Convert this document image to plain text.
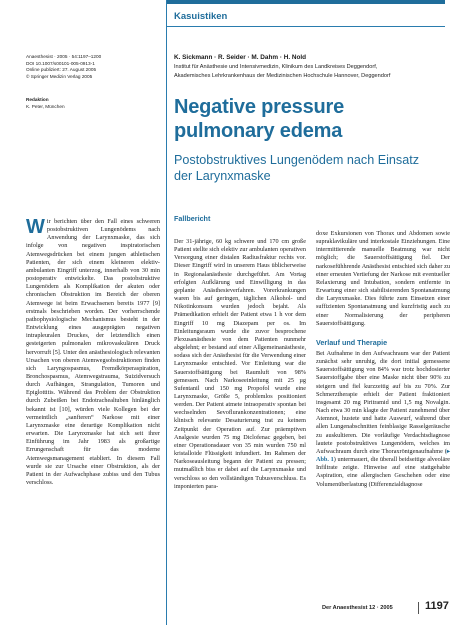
Kasuistiken
Anaesthesist · 2005 · 54:1197–1200
DOI 10.1007/s00101-005-0913-1
Online publiziert: 27. August 2005
© Springer Medizin Verlag 2005
Redaktion
K. Peter, München
K. Sickmann · R. Seider · M. Dahm · H. Nold
Institut für Anästhesie und Intensivmedizin, Klinikum des Landkreises Deggendorf,
Akademisches Lehrkrankenhaus der Medizinischen Hochschule Hannover, Deggendorf
Negative pressure
pulmonary edema
Postobstruktives Lungenödem nach Einsatz
der Larynxmaske
Wir berichten über den Fall eines schweren postobstruktiven Lungenödems nach Anwendung der Larynxmaske, das sich infolge von negativen inspiratorischen Atemwegsdrücken bei einem jungen athletischen Patienten, der sich einem kleineren elektiv-ambulanten Eingriff unterzog, innerhalb von 30 min postoperativ entwickelte. Das postobstruktive Lungenödem als Komplikation der akuten oder chronischen Obstruktion im Bereich der oberen Atemwege ist beim Erwachsenen bereits 1977 [9] erstmals beschrieben worden. Der vorherrschende pathophysiologische Mechanismus besteht in der Entwicklung eines ausgeprägten negativen intrapleuralen Druckes, der letztendlich einen gesteigerten pulmonalen mikrovaskulären Druck hervorruft [5]. Unter den anästhesiologisch relevanten Ursachen von oberen Atemwegsobstruktionen finden sich Laryngospasmus, Fremdkörperaspiration, Bronchospasmus, Atemwegstrauma, Suizidversuch durch Aufhängen, Strangulation, Tumoren und Epiglottitis. Während das Problem der Obstruktion durch Zubeißen bei Endotrachealtuben hinlänglich bekannt ist [10], würden viele Kollegen bei der vermeintlich „sanfteren“ Narkose mit einer Larynxmaske eine derartige Komplikation nicht erwarten. Die Larynxmaske hat sich seit ihrer Einführung im Jahr 1983 als großartige Errungenschaft für das moderne Atemwegsmanagement etabliert. In diesem Fall wurde sie zur Ursache einer Obstruktion, als der Patient in der Aufwachphase zubiss und den Tubus verschloss.
Fallbericht
Der 31-jährige, 60 kg schwere und 170 cm große Patient stellte sich elektiv zur ambulanten operativen Versorgung einer distalen Radiusfraktur rechts vor. Dieser Eingriff wird in unserem Haus üblicherweise in Regionalanästhesie durchgeführt. Am Vortag erfolgten Aufklärung und Einwilligung in das geplante Anästhesieverfahren. Vorerkrankungen waren bis auf geringen, täglichen Alkohol- und Nikotinkonsum wurden jedoch bejaht. Als Prämedikation erhielt der Patient etwa 1 h vor dem Eingriff 10 mg Diazepam per os. Im Einleitungsraum wurde die zuvor besprochene Plexusanästhesie von dem Patienten nunmehr abgelehnt; er bestand auf einer Allgemeinanästhesie, sodass sich der Anästhesist für die Verwendung einer Larynxmaske entschied. Vor Einleitung war die Sauerstoffsättigung bei Raumluft von 98% gemessen. Nach Narkoseeinleitung mit 25 µg Sufentanil und 150 mg Propofol wurde eine Larynxmaske, Größe 5, problemlos positioniert werden. Der Patient atmete intraoperativ spontan bei wechselnden Sevoflurankonzentrationen; eine klinisch relevante Desaturierung trat zu keinem Zeitpunkt der Operation auf. Zur präemptiven Analgesie wurden 75 mg Diclofenac gegeben, bei einer Operationsdauer von 35 min wurden 750 ml kristalloide Flüssigkeit infundiert. Im Rahmen der Narkoseausleitung begann der Patient zu pressen; mutmaßlich biss er dabei auf die Larynxmaske und verschloss so den vollständigen Tubusverschluss. Es imponierten para-
doxe Exkursionen von Thorax und Abdomen sowie supraklavikuläre und interkostale Einziehungen. Eine intermittierende manuelle Beatmung war nicht möglich; die Sauerstoffsättigung fiel. Der narkosefühhrende Anästhesist entschied sich daher zu einer erneuten Vertiefung der Narkose mit eventueller Relaxierung und Intubation, sondern entfernte in Erwartung einer sich stabilisierenden Spontanatmung die Larynxmaske. Dies führte zum Einsetzen einer suffizienten Spontanatmung und kurzfristig auch zu einer Normalisierung der peripheren Sauerstoffsättigung.
Verlauf und Therapie
Bei Aufnahme in den Aufwachraum war der Patient zunächst sehr unruhig, die dort initial gemessene Sauerstoffsättigung von 84% war trotz hochdosierter Sauerstoffgabe über eine Maske nicht über 90% zu steigern und fiel kurzzeitig auf bis zu 70%. Zur Schmerztherapie erhielt der Patient fraktioniert insgesamt 20 mg Piritramid und 1,5 mg Novalgin. Nach etwa 30 min klagte der Patient zunehmend über Atemnot, hustete und hatte Auswurf, während über allen Lungenabschnitten feinblasige Rasselgeräusche zu auskultieren. Die vorläufige Verdachtsdiagnose lautete postobstruktives Lungenödem, welches im Aufwachraum durch eine Thoraxröntgenaufnahme (▸ Abb. 1) untermauert, die überall beidseitige alveoläre Infiltrate zeigte. Hinweise auf eine stattgehabte Aspiration, eine allergischen Geschehen oder eine Volumenüberlastung (Differenzialdiagnose
Der Anaesthesist 12 · 2005	1197
